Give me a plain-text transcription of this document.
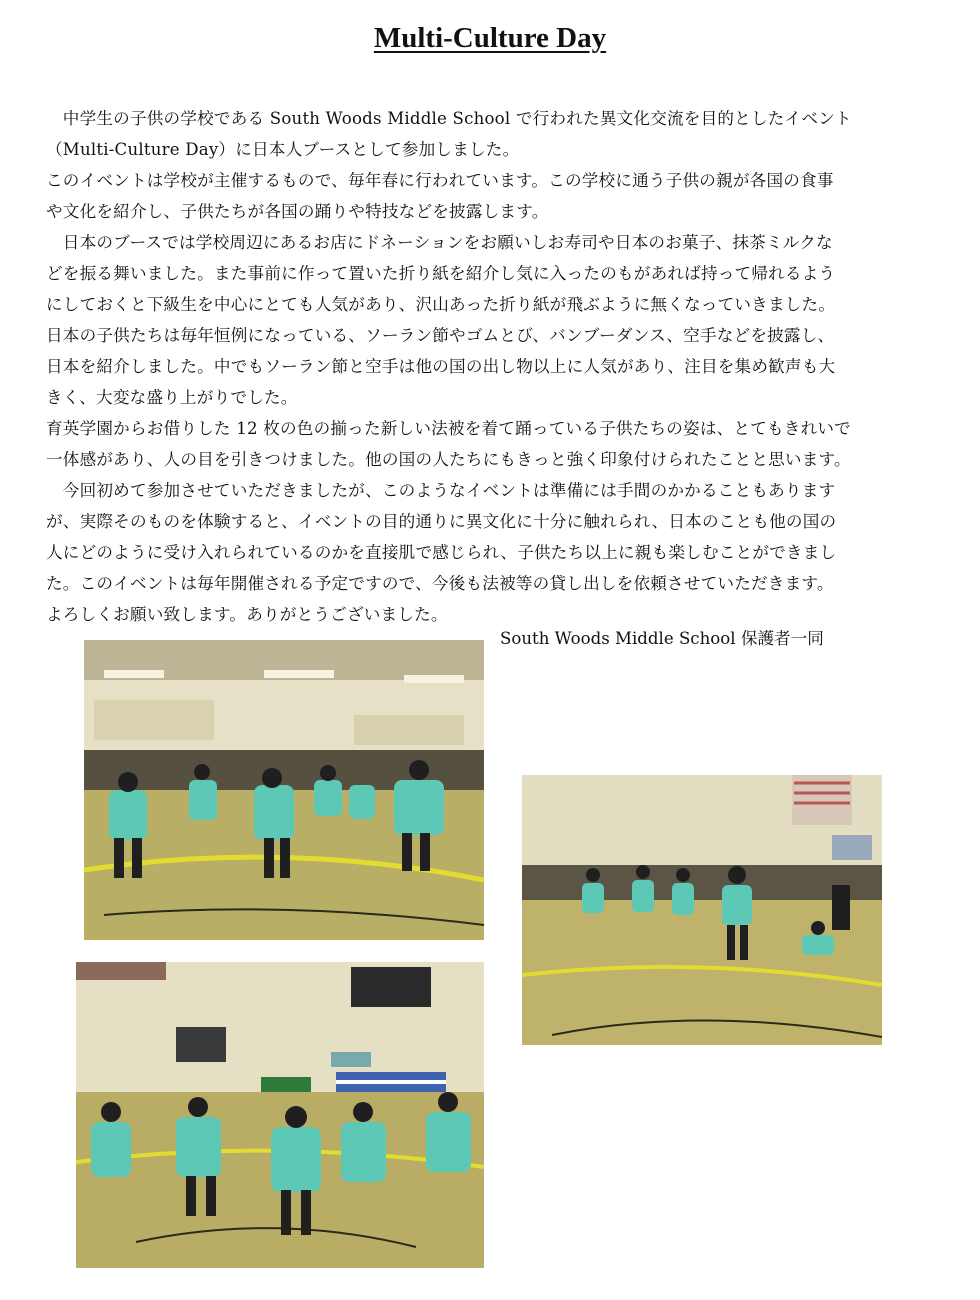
Multi-Culture Day

　中学生の子供の学校である South Woods Middle School で行われた異文化交流を目的としたイベント

（Multi-Culture Day）に日本人ブースとして参加しました。

このイベントは学校が主催するもので、毎年春に行われています。この学校に通う子供の親が各国の食事

や文化を紹介し、子供たちが各国の踊りや特技などを披露します。

　日本のブースでは学校周辺にあるお店にドネーションをお願いしお寿司や日本のお菓子、抹茶ミルクな

どを振る舞いました。また事前に作って置いた折り紙を紹介し気に入ったのもがあれば持って帰れるよう

にしておくと下級生を中心にとても人気があり、沢山あった折り紙が飛ぶように無くなっていきました。

日本の子供たちは毎年恒例になっている、ソーラン節やゴムとび、バンブーダンス、空手などを披露し、

日本を紹介しました。中でもソーラン節と空手は他の国の出し物以上に人気があり、注目を集め歓声も大

きく、大変な盛り上がりでした。

育英学園からお借りした 12 枚の色の揃った新しい法被を着て踊っている子供たちの姿は、とてもきれいで

一体感があり、人の目を引きつけました。他の国の人たちにもきっと強く印象付けられたことと思います。

　今回初めて参加させていただきましたが、このようなイベントは準備には手間のかかることもあります

が、実際そのものを体験すると、イベントの目的通りに異文化に十分に触れられ、日本のことも他の国の

人にどのように受け入れられているのかを直接肌で感じられ、子供たち以上に親も楽しむことができまし

た。このイベントは毎年開催される予定ですので、今後も法被等の貸し出しを依頼させていただきます。

よろしくお願い致します。ありがとうございました。

South Woods Middle School 保護者一同
